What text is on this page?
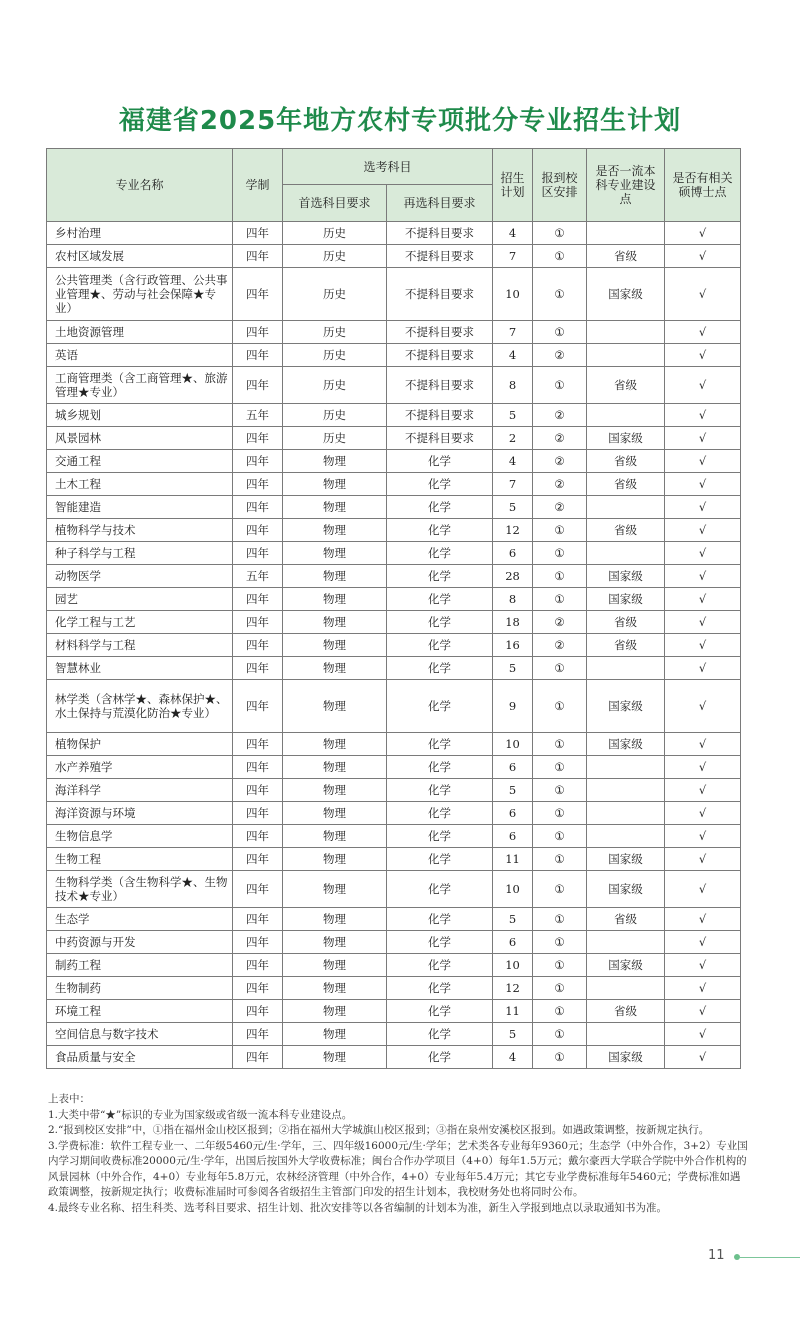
福建省2025年地方农村专项批分专业招生计划
专业名称	学制	选考科目		招生计划	报到校区安排	是否一流本科专业建设点	是否有相关硕博士点
		首选科目要求	再选科目要求				
乡村治理	四年	历史	不提科目要求	4	①		√
农村区域发展	四年	历史	不提科目要求	7	①	省级	√
公共管理类（含行政管理、公共事业管理★、劳动与社会保障★专业）	四年	历史	不提科目要求	10	①	国家级	√
土地资源管理	四年	历史	不提科目要求	7	①		√
英语	四年	历史	不提科目要求	4	②		√
工商管理类（含工商管理★、旅游管理★专业）	四年	历史	不提科目要求	8	①	省级	√
城乡规划	五年	历史	不提科目要求	5	②		√
风景园林	四年	历史	不提科目要求	2	②	国家级	√
交通工程	四年	物理	化学	4	②	省级	√
土木工程	四年	物理	化学	7	②	省级	√
智能建造	四年	物理	化学	5	②		√
植物科学与技术	四年	物理	化学	12	①	省级	√
种子科学与工程	四年	物理	化学	6	①		√
动物医学	五年	物理	化学	28	①	国家级	√
园艺	四年	物理	化学	8	①	国家级	√
化学工程与工艺	四年	物理	化学	18	②	省级	√
材料科学与工程	四年	物理	化学	16	②	省级	√
智慧林业	四年	物理	化学	5	①		√
林学类（含林学★、森林保护★、水土保持与荒漠化防治★专业）	四年	物理	化学	9	①	国家级	√
植物保护	四年	物理	化学	10	①	国家级	√
水产养殖学	四年	物理	化学	6	①		√
海洋科学	四年	物理	化学	5	①		√
海洋资源与环境	四年	物理	化学	6	①		√
生物信息学	四年	物理	化学	6	①		√
生物工程	四年	物理	化学	11	①	国家级	√
生物科学类（含生物科学★、生物技术★专业）	四年	物理	化学	10	①	国家级	√
生态学	四年	物理	化学	5	①	省级	√
中药资源与开发	四年	物理	化学	6	①		√
制药工程	四年	物理	化学	10	①	国家级	√
生物制药	四年	物理	化学	12	①		√
环境工程	四年	物理	化学	11	①	省级	√
空间信息与数字技术	四年	物理	化学	5	①		√
食品质量与安全	四年	物理	化学	4	①	国家级	√

上表中：

1.大类中带“★”标识的专业为国家级或省级一流本科专业建设点。

2.“报到校区安排”中，①指在福州金山校区报到；②指在福州大学城旗山校区报到；③指在泉州安溪校区报到。如遇政策调整，按新规定执行。

3.学费标准：软件工程专业一、二年级5460元/生·学年，三、四年级16000元/生·学年；艺术类各专业每年9360元；生态学（中外合作，3+2）专业国内学习期间收费标准20000元/生·学年，出国后按国外大学收费标准；闽台合作办学项目（4+0）每年1.5万元；戴尔豪西大学联合学院中外合作机构的风景园林（中外合作，4+0）专业每年5.8万元，农林经济管理（中外合作，4+0）专业每年5.4万元；其它专业学费标准每年5460元；学费标准如遇政策调整，按新规定执行；收费标准届时可参阅各省级招生主管部门印发的招生计划本，我校财务处也将同时公布。

4.最终专业名称、招生科类、选考科目要求、招生计划、批次安排等以各省编制的计划本为准，新生入学报到地点以录取通知书为准。

11
